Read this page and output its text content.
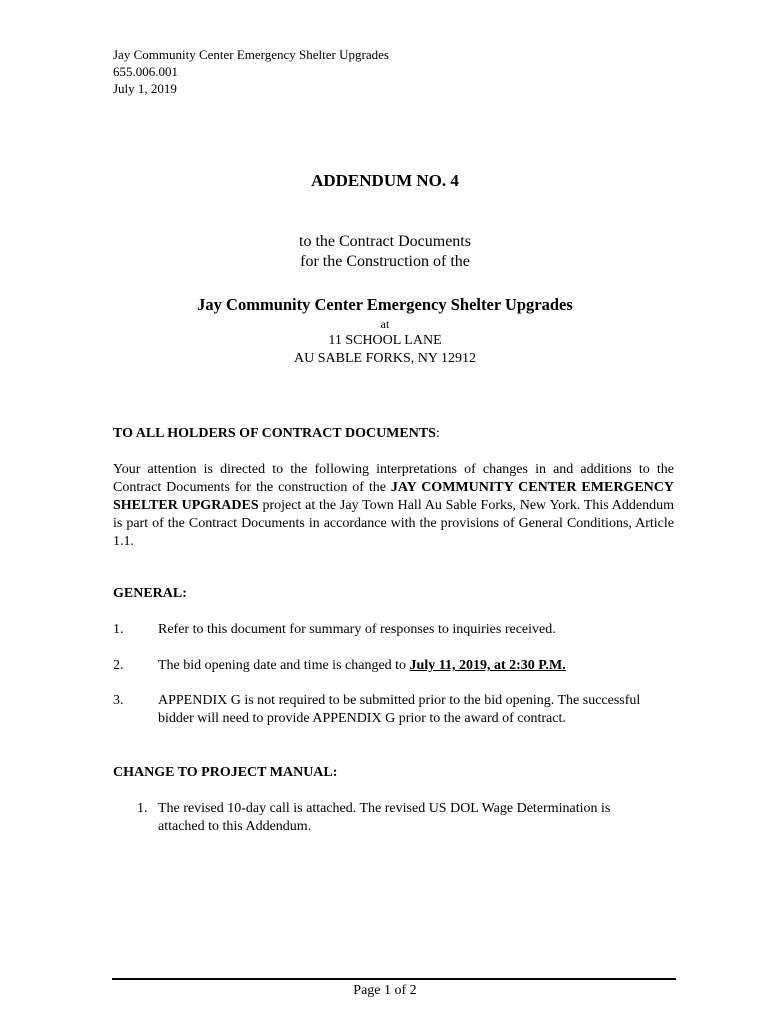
Jay Community Center Emergency Shelter Upgrades
655.006.001
July 1, 2019
ADDENDUM NO. 4
to the Contract Documents
for the Construction of the
Jay Community Center Emergency Shelter Upgrades
at
11 SCHOOL LANE
AU SABLE FORKS, NY 12912
TO ALL HOLDERS OF CONTRACT DOCUMENTS:
Your attention is directed to the following interpretations of changes in and additions to the Contract Documents for the construction of the JAY COMMUNITY CENTER EMERGENCY SHELTER UPGRADES project at the Jay Town Hall Au Sable Forks, New York. This Addendum is part of the Contract Documents in accordance with the provisions of General Conditions, Article 1.1.
GENERAL:
1. Refer to this document for summary of responses to inquiries received.
2. The bid opening date and time is changed to July 11, 2019, at 2:30 P.M.
3. APPENDIX G is not required to be submitted prior to the bid opening. The successful bidder will need to provide APPENDIX G prior to the award of contract.
CHANGE TO PROJECT MANUAL:
1. The revised 10-day call is attached. The revised US DOL Wage Determination is attached to this Addendum.
Page 1 of 2
